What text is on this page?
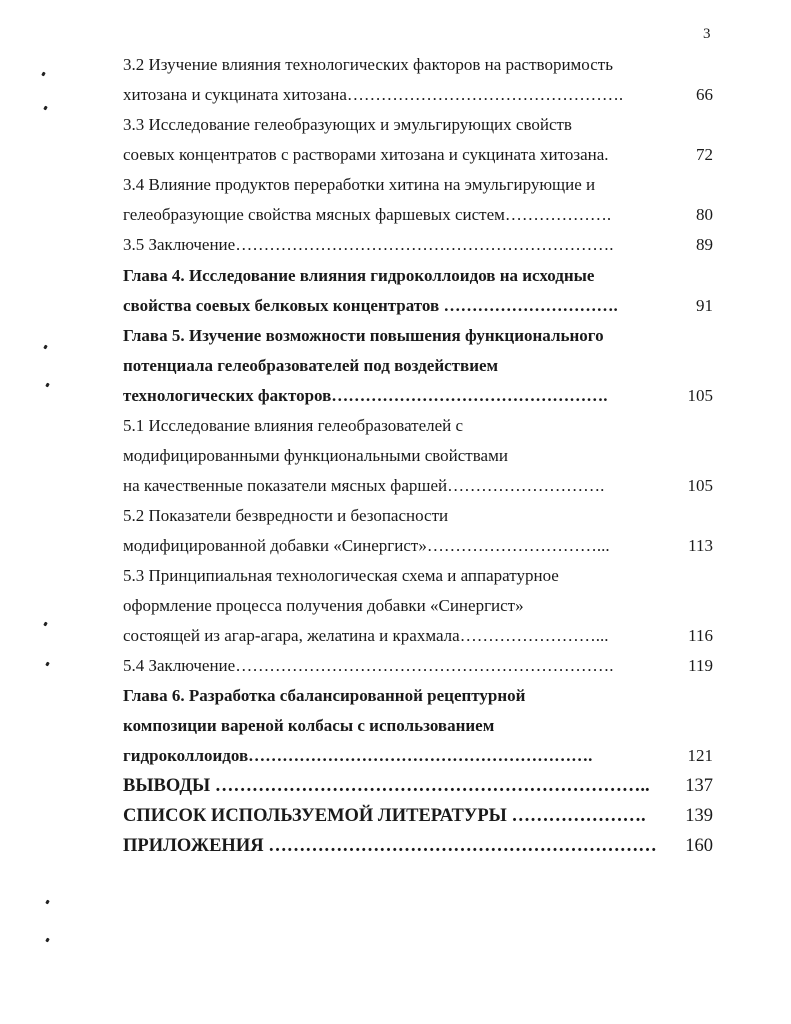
3
3.2 Изучение влияния технологических факторов на растворимость
хитозана и сукцината хитозана………………………………………….	66
3.3 Исследование гелеобразующих и эмульгирующих свойств
соевых концентратов с растворами хитозана и сукцината хитозана.	72
3.4 Влияние продуктов переработки хитина на эмульгирующие и
гелеобразующие свойства мясных фаршевых систем……………….	80
3.5 Заключение………………………………………………………….	89
Глава 4. Исследование влияния гидроколлоидов на исходные
свойства соевых белковых концентратов ………………………….	91
Глава 5. Изучение возможности повышения функционального
потенциала гелеобразователей под воздействием
технологических факторов………………………………………….	105
5.1 Исследование влияния гелеобразователей с
модифицированными функциональными свойствами
на качественные показатели мясных фаршей……………………….	105
5.2 Показатели безвредности и безопасности
модифицированной добавки «Синергист»…………………………...	113
5.3 Принципиальная технологическая схема и аппаратурное
оформление процесса получения добавки «Синергист»
состоящей из агар-агара, желатина и крахмала……………………...	116
5.4 Заключение………………………………………………………….	119
Глава 6. Разработка сбалансированной рецептурной
композиции вареной колбасы с использованием
гидроколлоидов…………………………………………………….	121
ВЫВОДЫ ……………………………………………………………..	137
СПИСОК ИСПОЛЬЗУЕМОЙ ЛИТЕРАТУРЫ ………………….	139
ПРИЛОЖЕНИЯ ………………………………………………………	160
